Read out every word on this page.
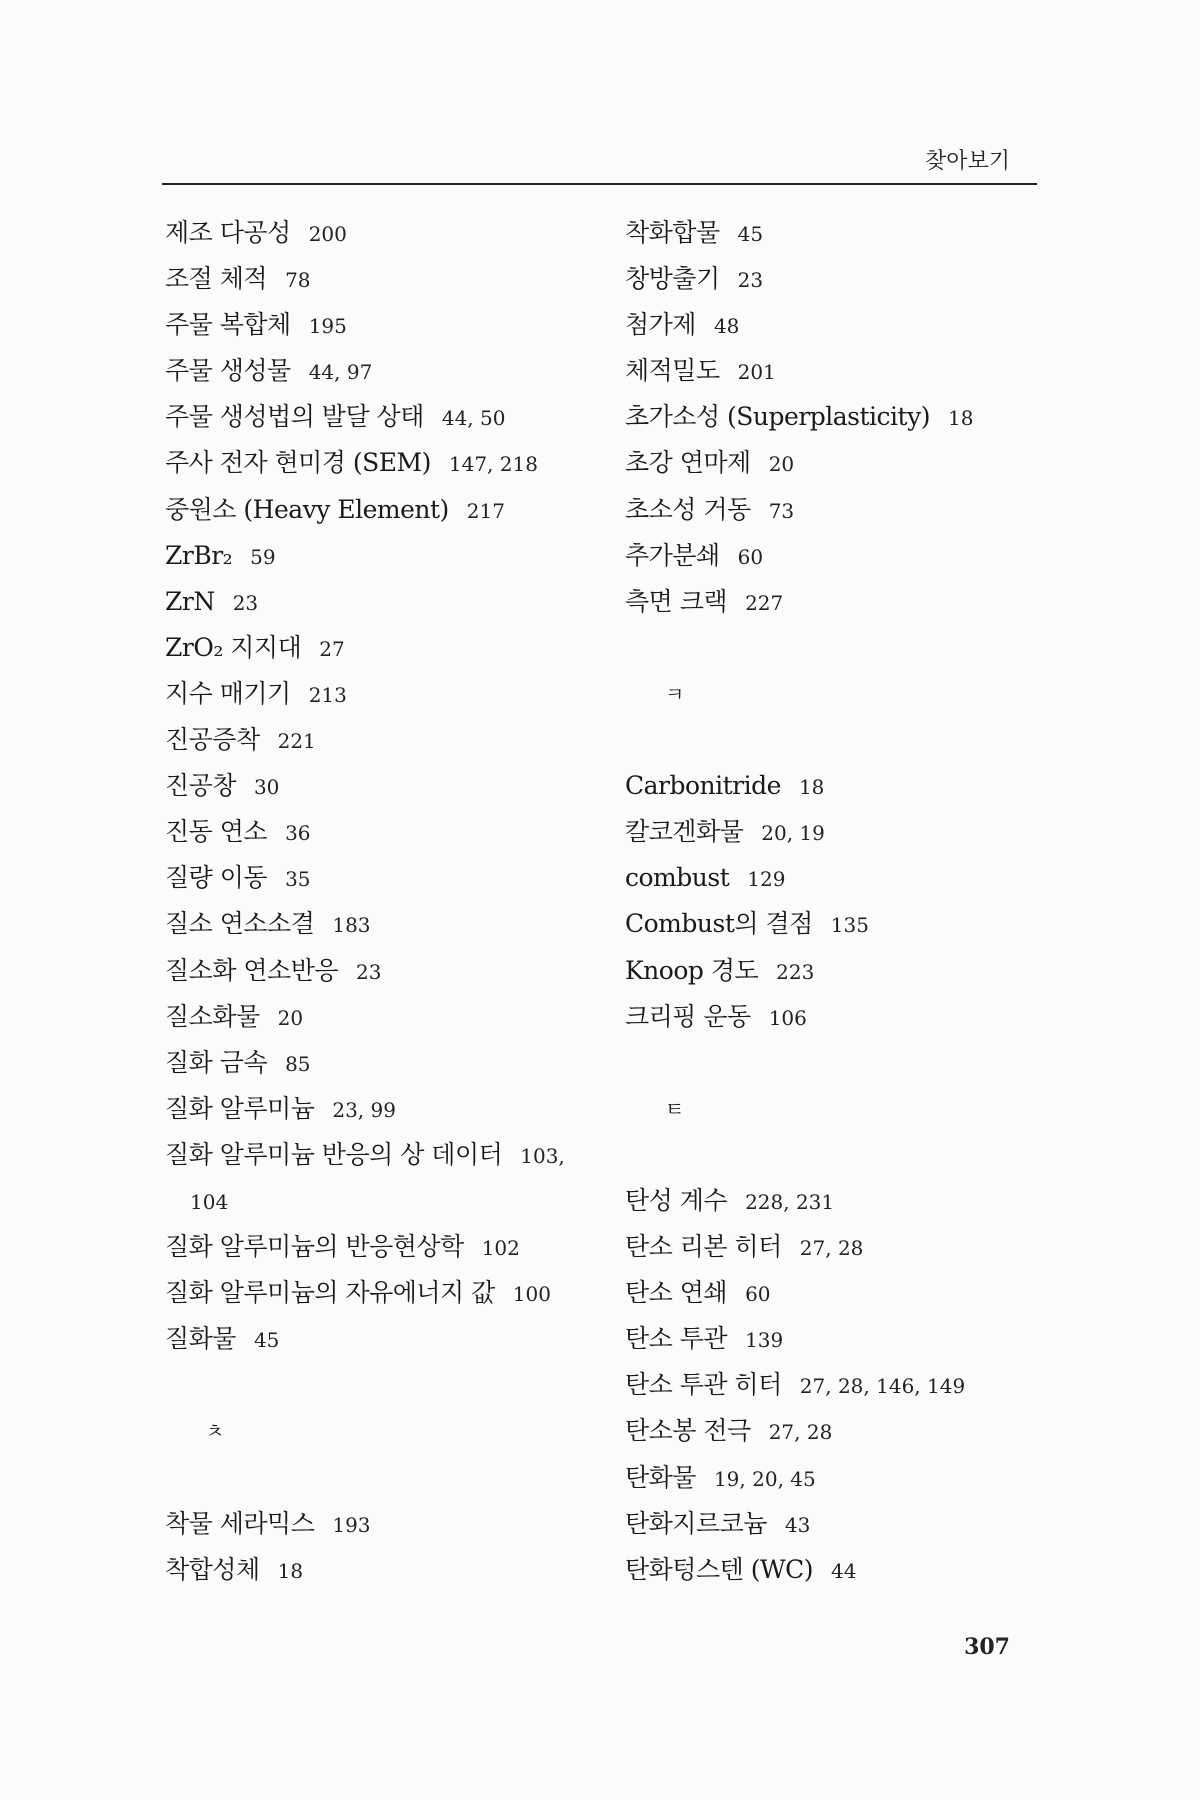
찾아보기
제조 다공성 200
조절 체적 78
주물 복합체 195
주물 생성물 44, 97
주물 생성법의 발달 상태 44, 50
주사 전자 현미경 (SEM) 147, 218
중원소 (Heavy Element) 217
ZrBr₂ 59
ZrN 23
ZrO₂ 지지대 27
지수 매기기 213
진공증착 221
진공창 30
진동 연소 36
질량 이동 35
질소 연소소결 183
질소화 연소반응 23
질소화물 20
질화 금속 85
질화 알루미늄 23, 99
질화 알루미늄 반응의 상 데이터 103,
104
질화 알루미늄의 반응현상학 102
질화 알루미늄의 자유에너지 값 100
질화물 45
ㅊ
착물 세라믹스 193
착합성체 18
착화합물 45
창방출기 23
첨가제 48
체적밀도 201
초가소성 (Superplasticity) 18
초강 연마제 20
초소성 거동 73
추가분쇄 60
측면 크랙 227
ㅋ
Carbonitride 18
칼코겐화물 20, 19
combust 129
Combust의 결점 135
Knoop 경도 223
크리핑 운동 106
ㅌ
탄성 계수 228, 231
탄소 리본 히터 27, 28
탄소 연쇄 60
탄소 투관 139
탄소 투관 히터 27, 28, 146, 149
탄소봉 전극 27, 28
탄화물 19, 20, 45
탄화지르코늄 43
탄화텅스텐 (WC) 44
307
